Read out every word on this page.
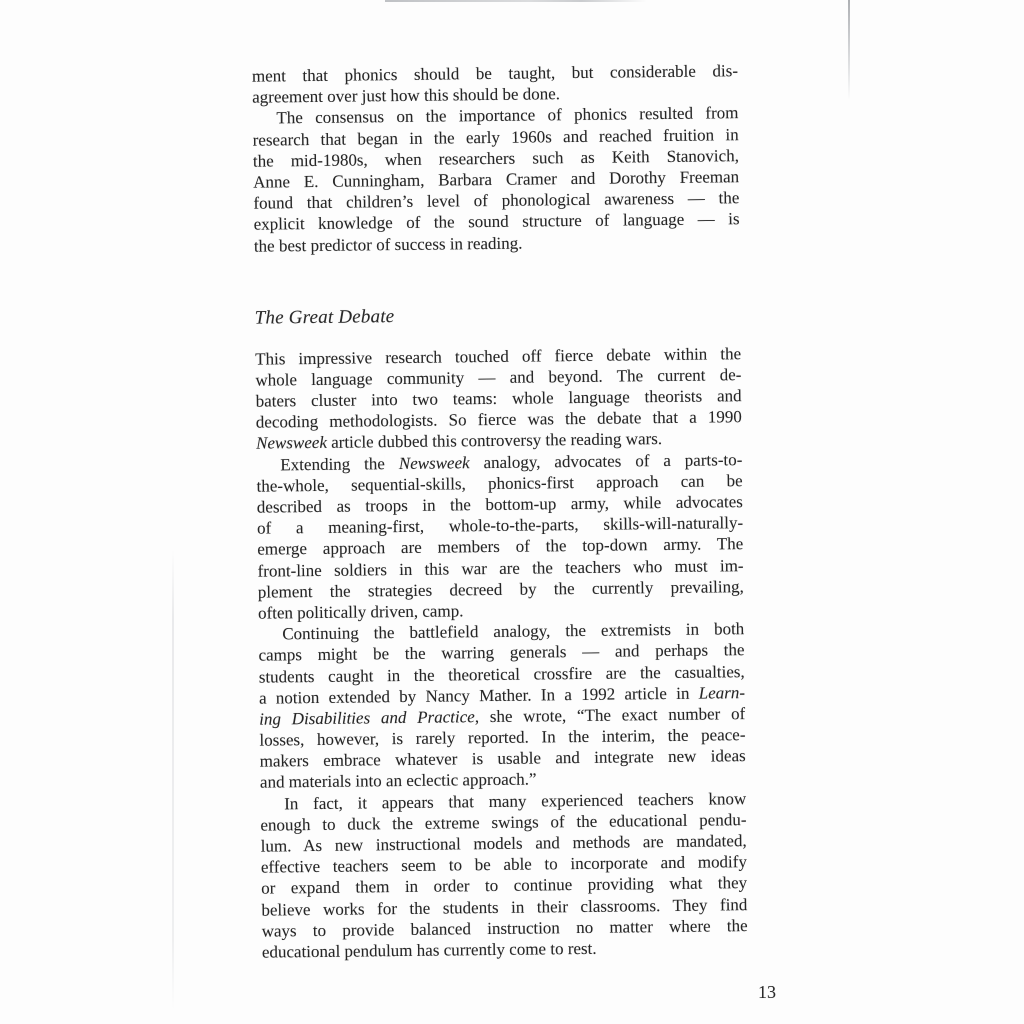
ment that phonics should be taught, but considerable dis-
agreement over just how this should be done.
The consensus on the importance of phonics resulted from
research that began in the early 1960s and reached fruition in
the mid-1980s, when researchers such as Keith Stanovich,
Anne E. Cunningham, Barbara Cramer and Dorothy Freeman
found that children’s level of phonological awareness — the
explicit knowledge of the sound structure of language — is
the best predictor of success in reading.
The Great Debate
This impressive research touched off fierce debate within the
whole language community — and beyond. The current de-
baters cluster into two teams: whole language theorists and
decoding methodologists. So fierce was the debate that a 1990
Newsweek article dubbed this controversy the reading wars.
Extending the Newsweek analogy, advocates of a parts-to-
the-whole, sequential-skills, phonics-first approach can be
described as troops in the bottom-up army, while advocates
of a meaning-first, whole-to-the-parts, skills-will-naturally-
emerge approach are members of the top-down army. The
front-line soldiers in this war are the teachers who must im-
plement the strategies decreed by the currently prevailing,
often politically driven, camp.
Continuing the battlefield analogy, the extremists in both
camps might be the warring generals — and perhaps the
students caught in the theoretical crossfire are the casualties,
a notion extended by Nancy Mather. In a 1992 article in Learn-
ing Disabilities and Practice, she wrote, “The exact number of
losses, however, is rarely reported. In the interim, the peace-
makers embrace whatever is usable and integrate new ideas
and materials into an eclectic approach.”
In fact, it appears that many experienced teachers know
enough to duck the extreme swings of the educational pendu-
lum. As new instructional models and methods are mandated,
effective teachers seem to be able to incorporate and modify
or expand them in order to continue providing what they
believe works for the students in their classrooms. They find
ways to provide balanced instruction no matter where the
educational pendulum has currently come to rest.
13
